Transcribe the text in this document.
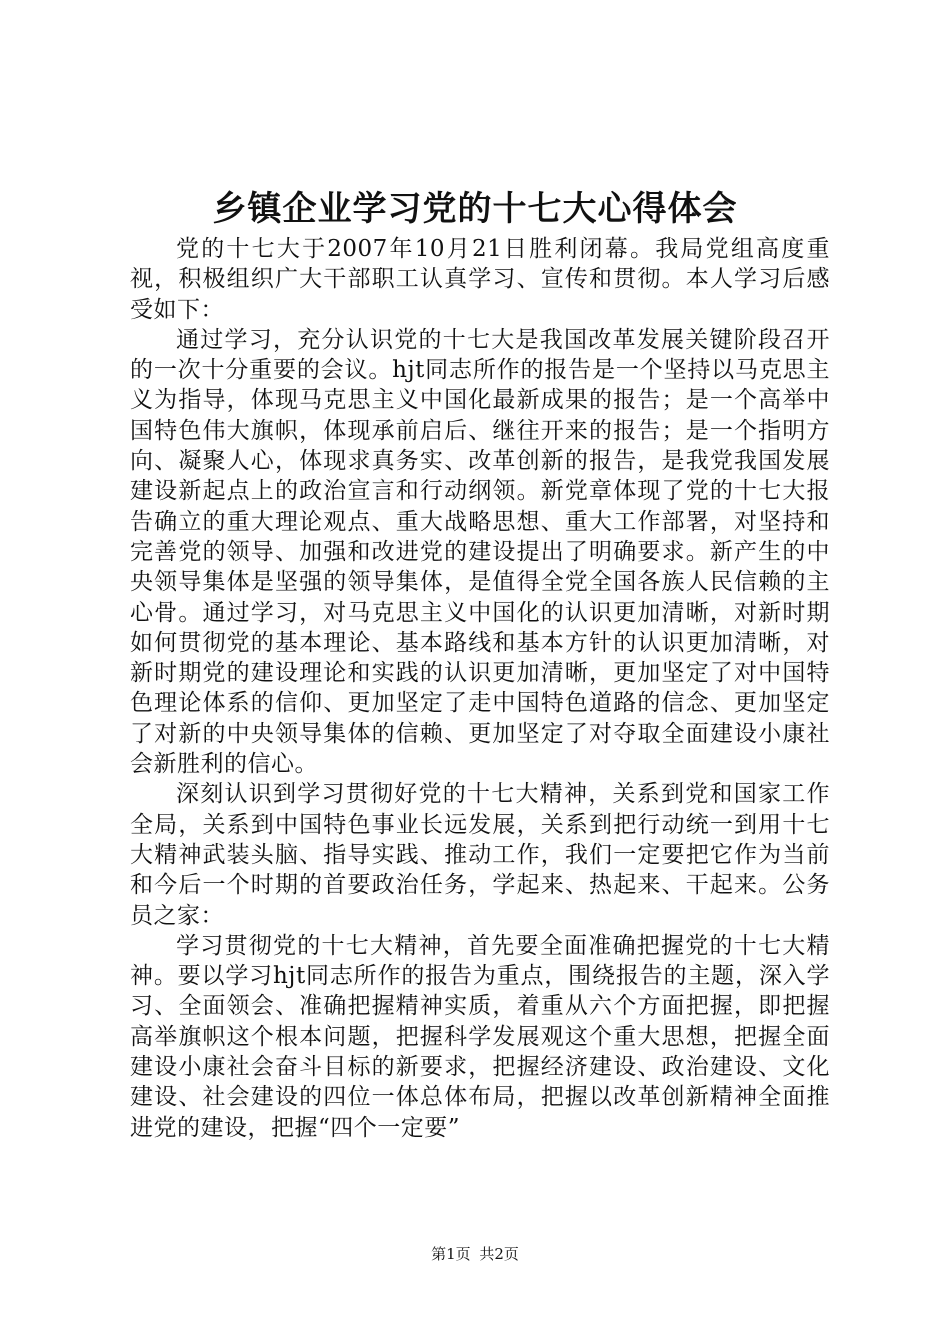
乡镇企业学习党的十七大心得体会

党的十七大于2007年10月21日胜利闭幕。我局党组高度重视，积极组织广大干部职工认真学习、宣传和贯彻。本人学习后感受如下：

通过学习，充分认识党的十七大是我国改革发展关键阶段召开的一次十分重要的会议。hjt同志所作的报告是一个坚持以马克思主义为指导，体现马克思主义中国化最新成果的报告；是一个高举中国特色伟大旗帜，体现承前启后、继往开来的报告；是一个指明方向、凝聚人心，体现求真务实、改革创新的报告，是我党我国发展建设新起点上的政治宣言和行动纲领。新党章体现了党的十七大报告确立的重大理论观点、重大战略思想、重大工作部署，对坚持和完善党的领导、加强和改进党的建设提出了明确要求。新产生的中央领导集体是坚强的领导集体，是值得全党全国各族人民信赖的主心骨。通过学习，对马克思主义中国化的认识更加清晰，对新时期如何贯彻党的基本理论、基本路线和基本方针的认识更加清晰，对新时期党的建设理论和实践的认识更加清晰，更加坚定了对中国特色理论体系的信仰、更加坚定了走中国特色道路的信念、更加坚定了对新的中央领导集体的信赖、更加坚定了对夺取全面建设小康社会新胜利的信心。

深刻认识到学习贯彻好党的十七大精神，关系到党和国家工作全局，关系到中国特色事业长远发展，关系到把行动统一到用十七大精神武装头脑、指导实践、推动工作，我们一定要把它作为当前和今后一个时期的首要政治任务，学起来、热起来、干起来。公务员之家：

学习贯彻党的十七大精神，首先要全面准确把握党的十七大精神。要以学习hjt同志所作的报告为重点，围绕报告的主题，深入学习、全面领会、准确把握精神实质，着重从六个方面把握，即把握高举旗帜这个根本问题，把握科学发展观这个重大思想，把握全面建设小康社会奋斗目标的新要求，把握经济建设、政治建设、文化建设、社会建设的四位一体总体布局，把握以改革创新精神全面推进党的建设，把握“四个一定要”

第1页 共2页
